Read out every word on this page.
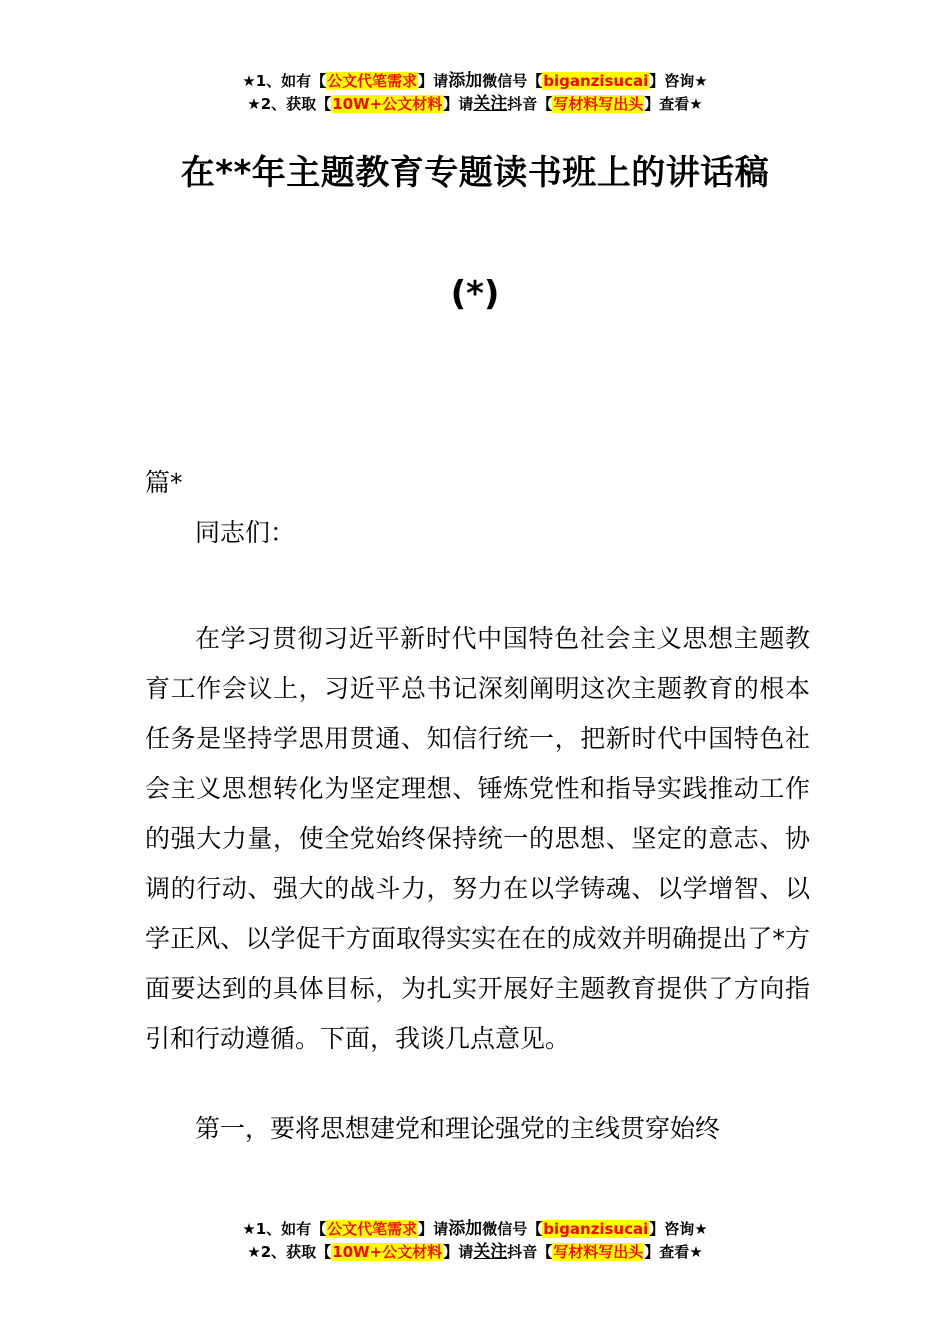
★1、如有【公文代笔需求】请添加微信号【biganzisucai】咨询★
★2、获取【10W+公文材料】请关注抖音【写材料写出头】查看★
在**年主题教育专题读书班上的讲话稿
(*)
篇*
同志们：
在学习贯彻习近平新时代中国特色社会主义思想主题教育工作会议上，习近平总书记深刻阐明这次主题教育的根本任务是坚持学思用贯通、知信行统一，把新时代中国特色社会主义思想转化为坚定理想、锤炼党性和指导实践推动工作的强大力量，使全党始终保持统一的思想、坚定的意志、协调的行动、强大的战斗力，努力在以学铸魂、以学增智、以学正风、以学促干方面取得实实在在的成效并明确提出了*方面要达到的具体目标，为扎实开展好主题教育提供了方向指引和行动遵循。下面，我谈几点意见。
第一，要将思想建党和理论强党的主线贯穿始终
★1、如有【公文代笔需求】请添加微信号【biganzisucai】咨询★
★2、获取【10W+公文材料】请关注抖音【写材料写出头】查看★
